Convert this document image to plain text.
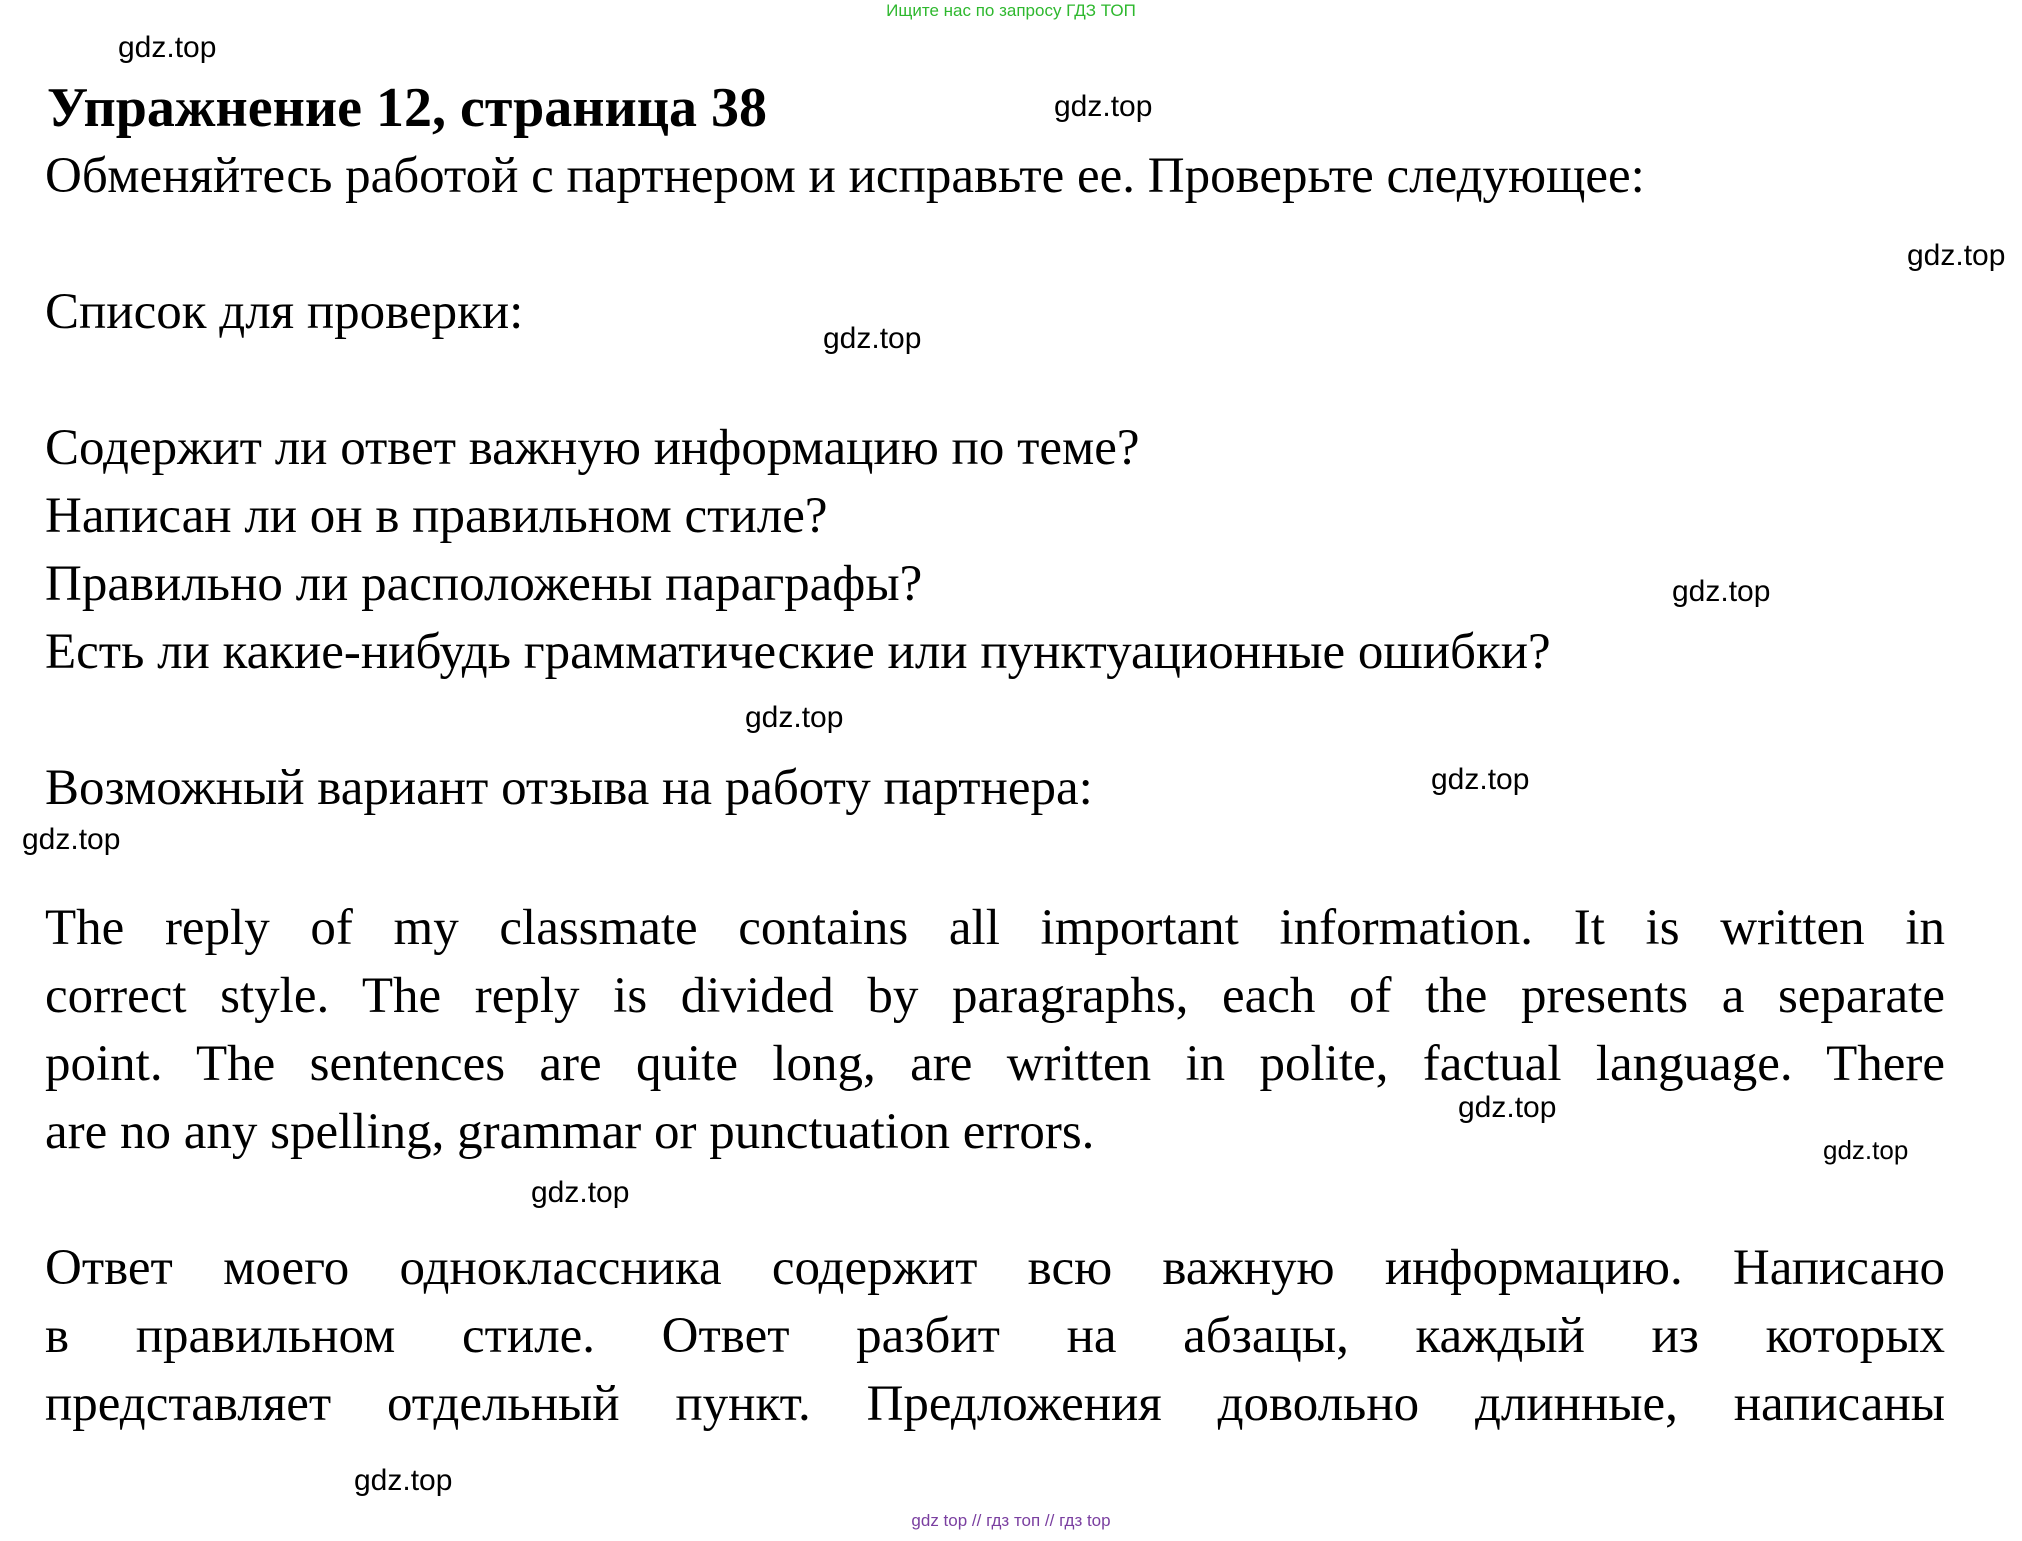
Ищите нас по запросу ГДЗ ТОП
gdz.top
gdz.top
gdz.top
gdz.top
gdz.top
gdz.top
gdz.top
gdz.top
gdz.top
gdz.top
gdz.top
gdz.top
Упражнение 12, страница 38
Обменяйтесь работой с партнером и исправьте ее. Проверьте следующее:
Список для проверки:
Содержит ли ответ важную информацию по теме?
Написан ли он в правильном стиле?
Правильно ли расположены параграфы?
Есть ли какие-нибудь грамматические или пунктуационные ошибки?
Возможный вариант отзыва на работу партнера:
The reply of my classmate contains all important information. It is written in
correct style. The reply is divided by paragraphs, each of the presents a separate
point. The sentences are quite long, are written in polite, factual language. There
are no any spelling, grammar or punctuation errors.
Ответ моего одноклассника содержит всю важную информацию. Написано
в правильном стиле. Ответ разбит на абзацы, каждый из которых
представляет отдельный пункт. Предложения довольно длинные, написаны
gdz top // гдз топ // гдз top
